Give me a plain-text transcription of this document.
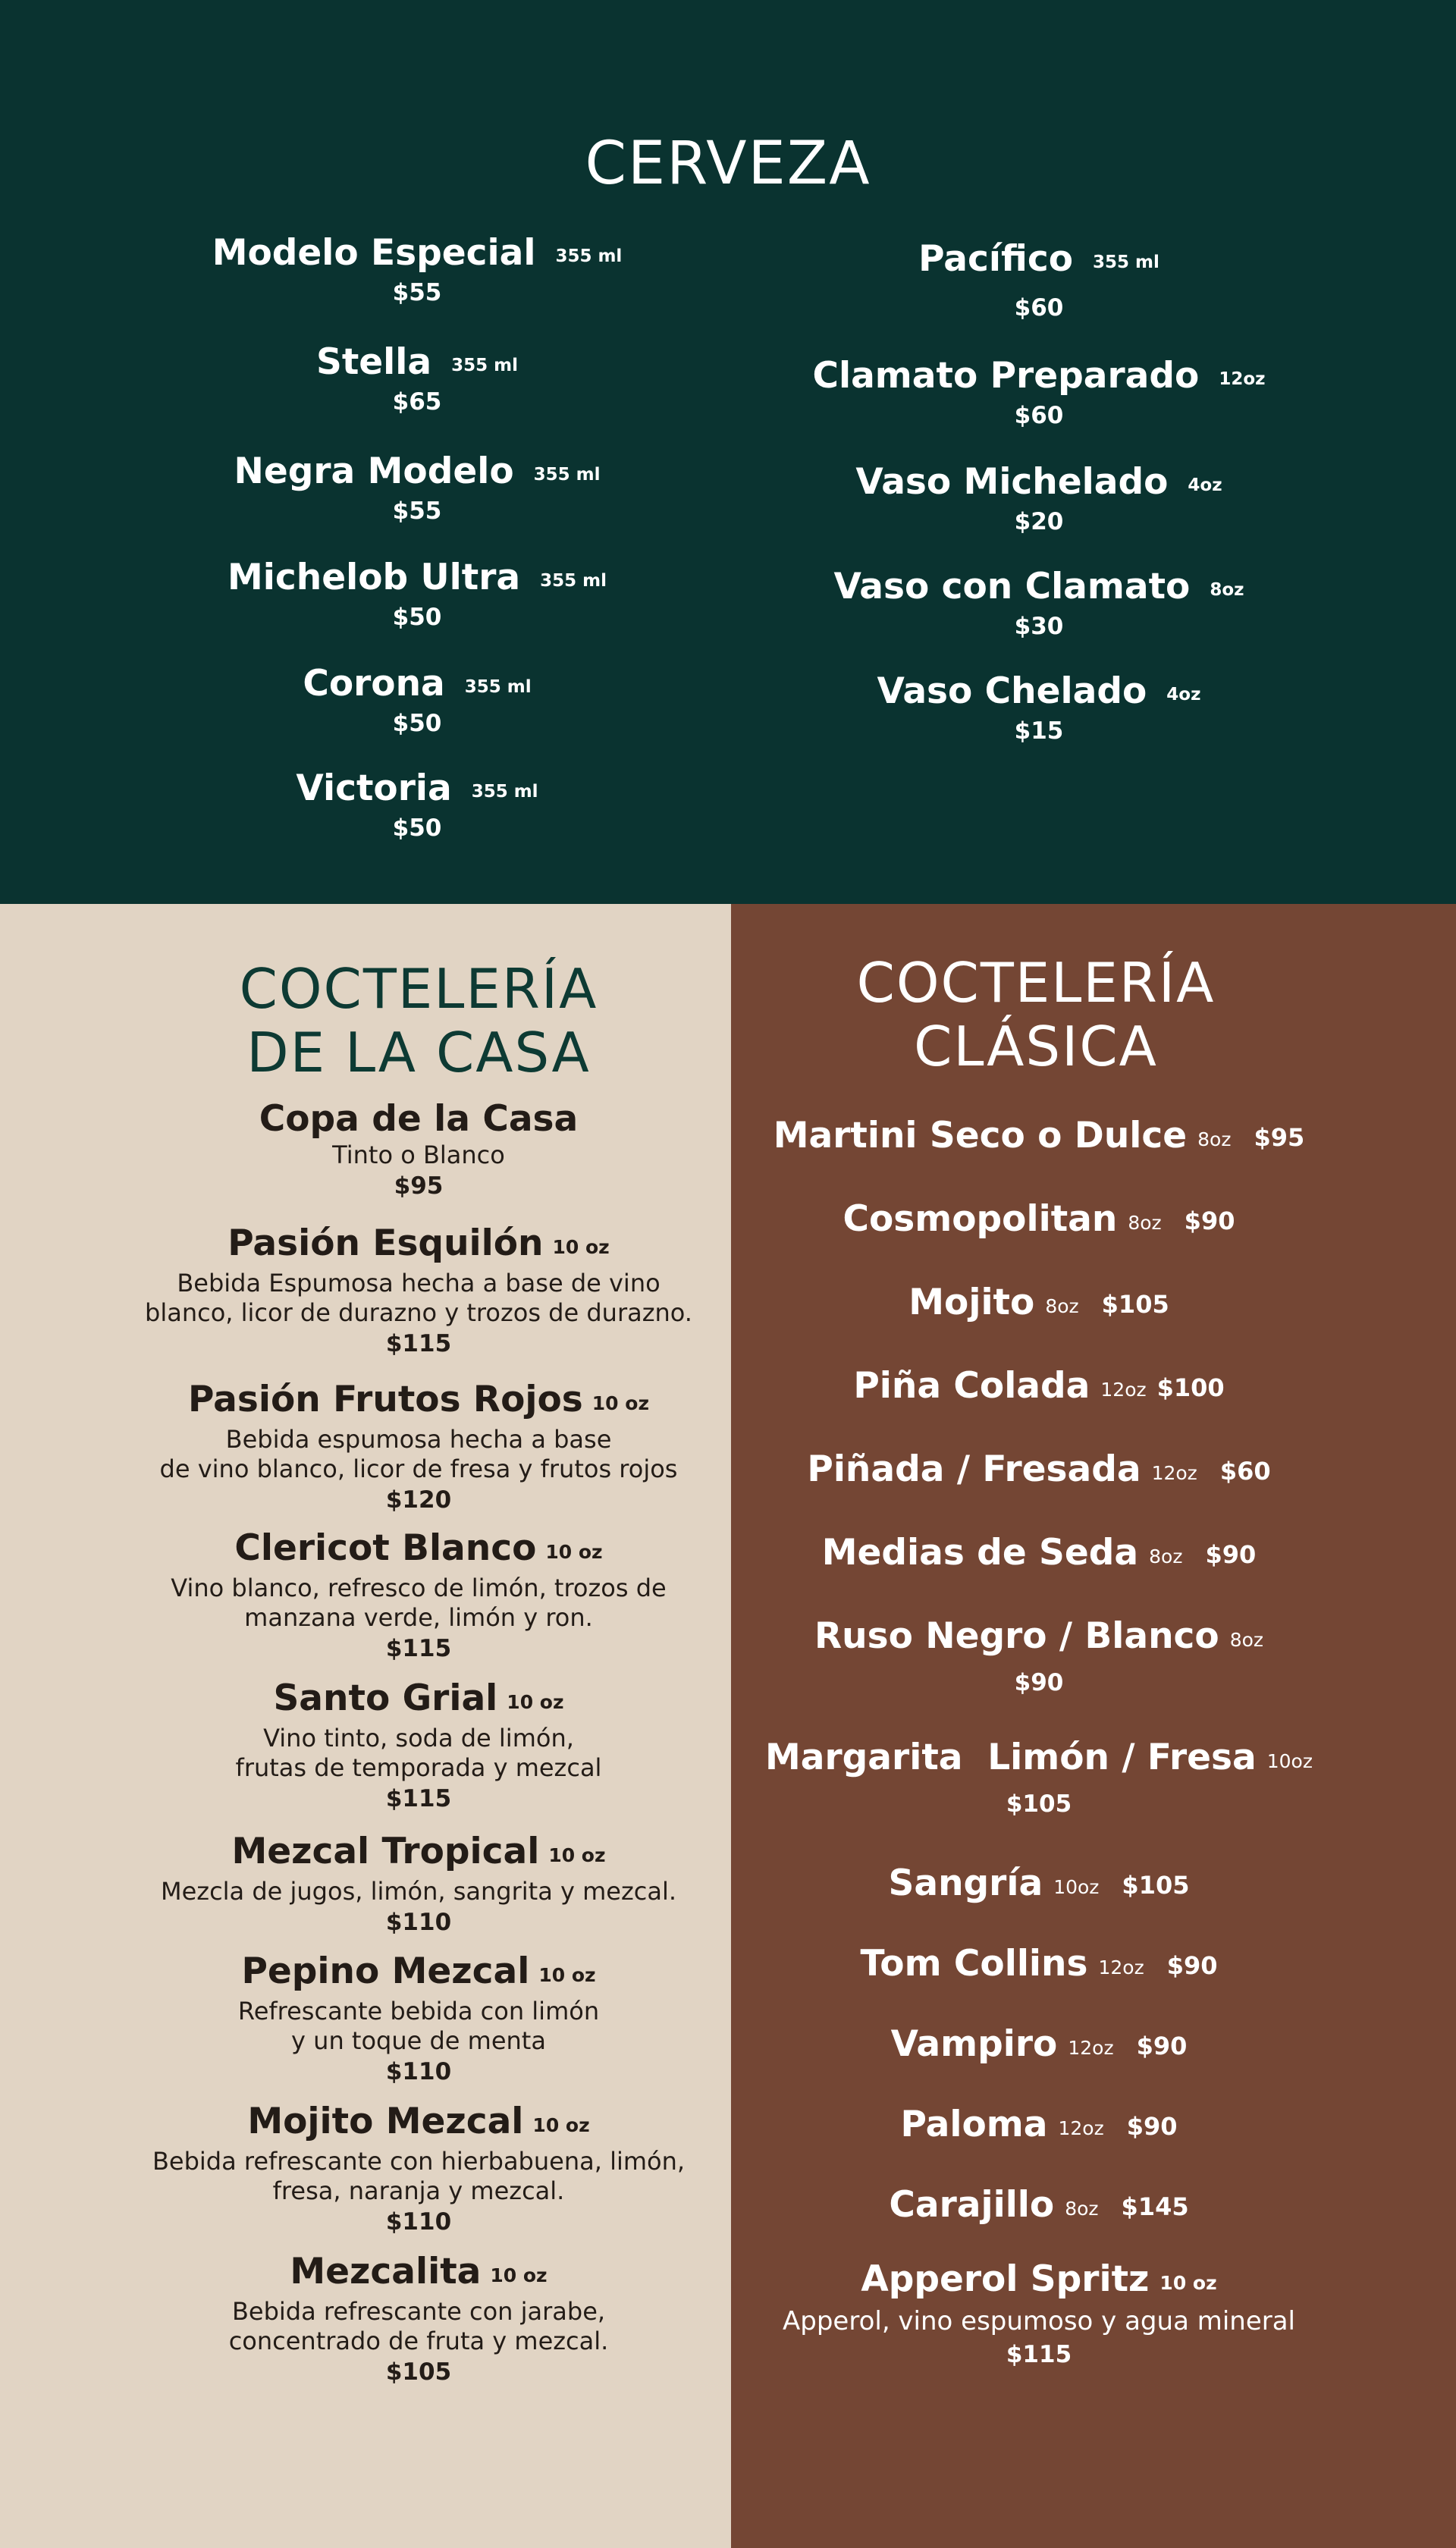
CERVEZA
Modelo Especial 355 ml
$55
Stella 355 ml
$65
Negra Modelo 355 ml
$55
Michelob Ultra 355 ml
$50
Corona 355 ml
$50
Victoria 355 ml
$50
Pacífico 355 ml
$60
Clamato Preparado 12oz
$60
Vaso Michelado 4oz
$20
Vaso con Clamato 8oz
$30
Vaso Chelado 4oz
$15
COCTELERÍA
DE LA CASA
Copa de la Casa
Tinto o Blanco
$95
Pasión Esquilón 10 oz
Bebida Espumosa hecha a base de vino
blanco, licor de durazno y trozos de durazno.
$115
Pasión Frutos Rojos 10 oz
Bebida espumosa hecha a base
de vino blanco, licor de fresa y frutos rojos
$120
Clericot Blanco 10 oz
Vino blanco, refresco de limón, trozos de
manzana verde, limón y ron.
$115
Santo Grial 10 oz
Vino tinto, soda de limón,
frutas de temporada y mezcal
$115
Mezcal Tropical 10 oz
Mezcla de jugos, limón, sangrita y mezcal.
$110
Pepino Mezcal 10 oz
Refrescante bebida con limón
y un toque de menta
$110
Mojito Mezcal 10 oz
Bebida refrescante con hierbabuena, limón,
fresa, naranja y mezcal.
$110
Mezcalita 10 oz
Bebida refrescante con jarabe,
concentrado de fruta y mezcal.
$105
COCTELERÍA
CLÁSICA
Martini Seco o Dulce 8oz $95
Cosmopolitan 8oz $90
Mojito 8oz $105
Piña Colada 12oz $100
Piñada / Fresada 12oz $60
Medias de Seda 8oz $90
Ruso Negro / Blanco 8oz
$90
Margarita  Limón / Fresa 10oz
$105
Sangría 10oz $105
Tom Collins 12oz $90
Vampiro 12oz $90
Paloma 12oz $90
Carajillo 8oz $145
Apperol Spritz 10 oz
Apperol, vino espumoso y agua mineral
$115
